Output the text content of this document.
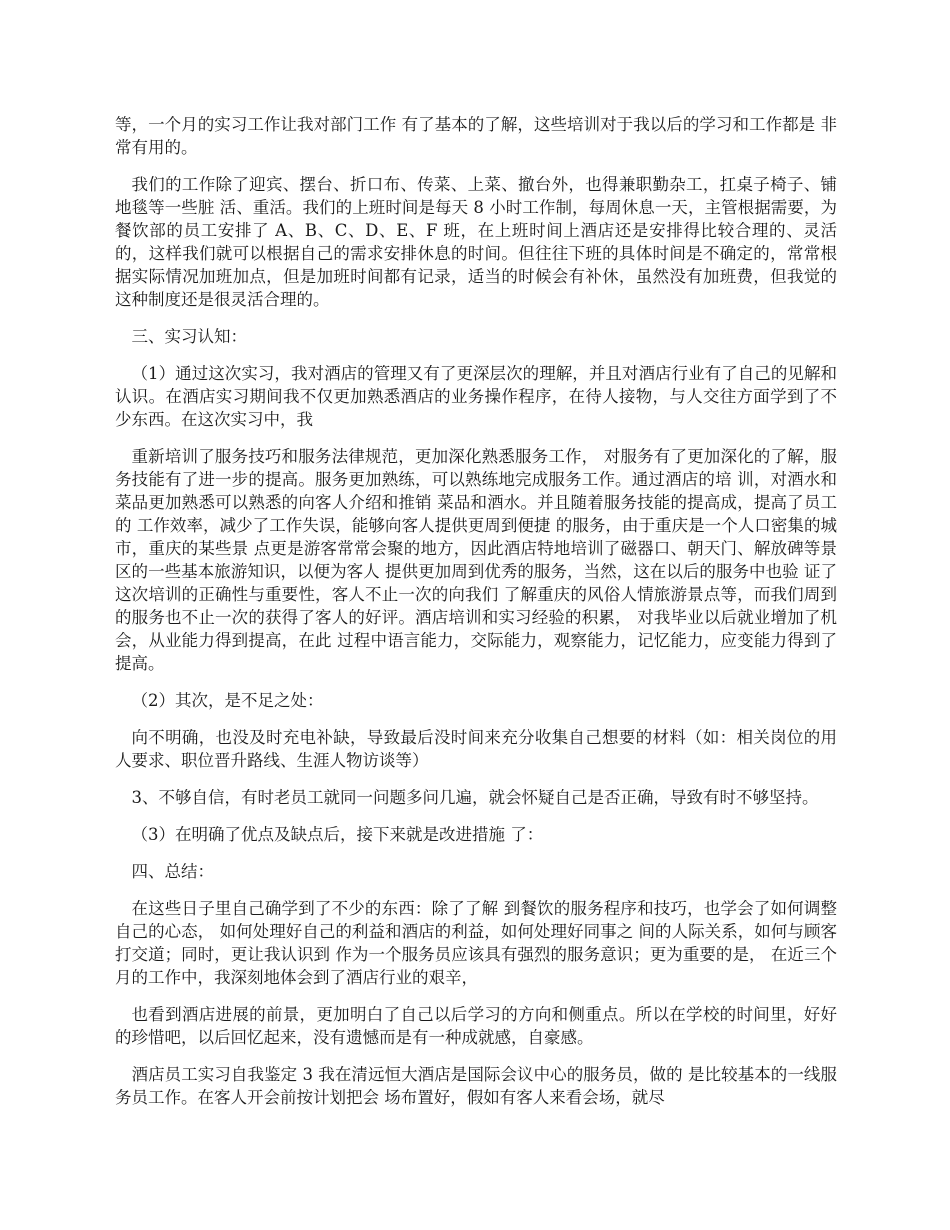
等，一个月的实习工作让我对部门工作 有了基本的了解，这些培训对于我以后的学习和工作都是 非常有用的。

我们的工作除了迎宾、摆台、折口布、传菜、上菜、撤台外，也得兼职勤杂工，扛桌子椅子、铺地毯等一些脏 活、重活。我们的上班时间是每天 8 小时工作制，每周休息一天，主管根据需要，为餐饮部的员工安排了 A、B、C、D、E、F 班，在上班时间上酒店还是安排得比较合理的、灵活的，这样我们就可以根据自己的需求安排休息的时间。但往往下班的具体时间是不确定的，常常根据实际情况加班加点，但是加班时间都有记录，适当的时候会有补休，虽然没有加班费，但我觉的这种制度还是很灵活合理的。

三、实习认知：

（1）通过这次实习，我对酒店的管理又有了更深层次的理解，并且对酒店行业有了自己的见解和认识。在酒店实习期间我不仅更加熟悉酒店的业务操作程序，在待人接物，与人交往方面学到了不少东西。在这次实习中，我

重新培训了服务技巧和服务法律规范，更加深化熟悉服务工作， 对服务有了更加深化的了解，服务技能有了进一步的提高。服务更加熟练，可以熟练地完成服务工作。通过酒店的培 训，对酒水和菜品更加熟悉可以熟悉的向客人介绍和推销 菜品和酒水。并且随着服务技能的提高成，提高了员工的 工作效率，减少了工作失误，能够向客人提供更周到便捷 的服务，由于重庆是一个人口密集的城市，重庆的某些景 点更是游客常常会聚的地方，因此酒店特地培训了磁器口、朝天门、解放碑等景区的一些基本旅游知识，以便为客人 提供更加周到优秀的服务，当然，这在以后的服务中也验 证了这次培训的正确性与重要性，客人不止一次的向我们 了解重庆的风俗人情旅游景点等，而我们周到的服务也不止一次的获得了客人的好评。酒店培训和实习经验的积累， 对我毕业以后就业增加了机会，从业能力得到提高，在此 过程中语言能力，交际能力，观察能力，记忆能力，应变能力得到了提高。

（2）其次，是不足之处：

向不明确，也没及时充电补缺，导致最后没时间来充分收集自己想要的材料（如：相关岗位的用人要求、职位晋升路线、生涯人物访谈等）

3、不够自信，有时老员工就同一问题多问几遍，就会怀疑自己是否正确，导致有时不够坚持。

（3）在明确了优点及缺点后，接下来就是改进措施 了：

四、总结：

在这些日子里自己确学到了不少的东西：除了了解 到餐饮的服务程序和技巧，也学会了如何调整自己的心态， 如何处理好自己的利益和酒店的利益，如何处理好同事之 间的人际关系，如何与顾客打交道；同时，更让我认识到 作为一个服务员应该具有强烈的服务意识；更为重要的是， 在近三个月的工作中，我深刻地体会到了酒店行业的艰辛，

也看到酒店进展的前景，更加明白了自己以后学习的方向和侧重点。所以在学校的时间里，好好的珍惜吧，以后回忆起来，没有遗憾而是有一种成就感，自豪感。

酒店员工实习自我鉴定 3 我在清远恒大酒店是国际会议中心的服务员，做的 是比较基本的一线服务员工作。在客人开会前按计划把会 场布置好，假如有客人来看会场，就尽
